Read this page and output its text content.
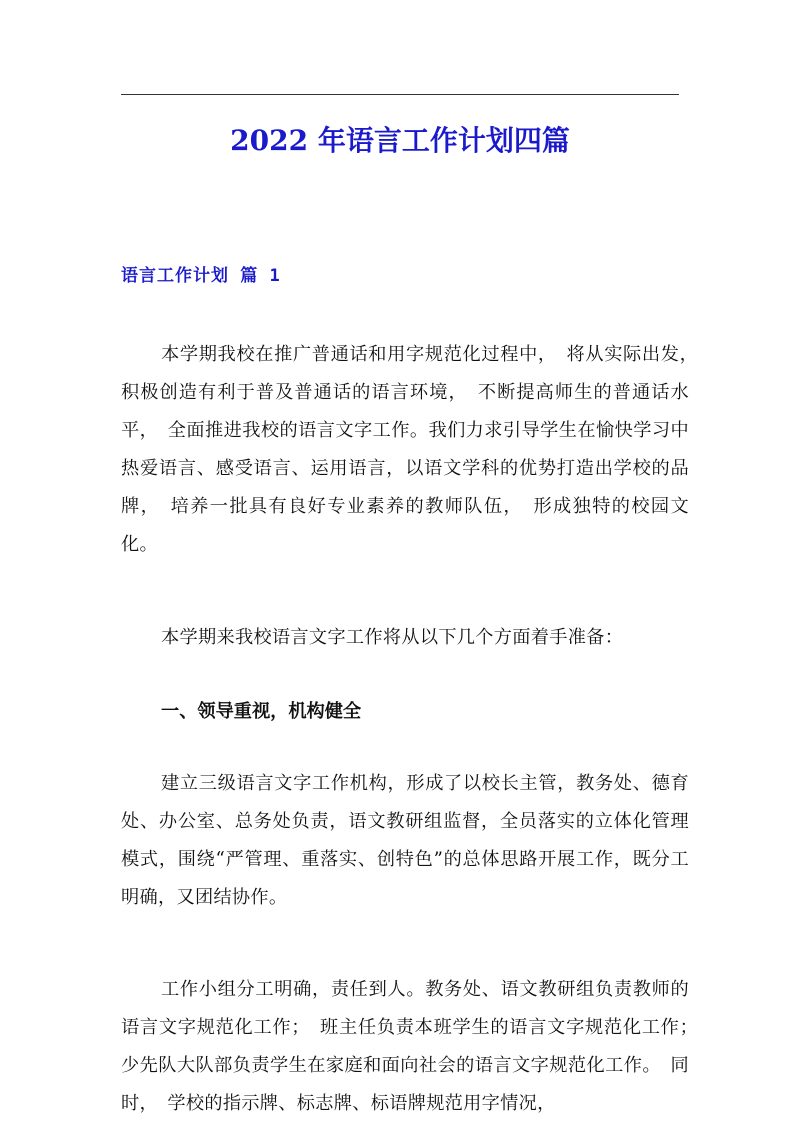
2022 年语言工作计划四篇
语言工作计划 篇 1

本学期我校在推广普通话和用字规范化过程中，　将从实际出发，　积极创造有利于普及普通话的语言环境，　不断提高师生的普通话水平，　全面推进我校的语言文字工作。我们力求引导学生在愉快学习中热爱语言、感受语言、运用语言，以语文学科的优势打造出学校的品牌，　培养一批具有良好专业素养的教师队伍，　形成独特的校园文化。

本学期来我校语言文字工作将从以下几个方面着手准备：

一、领导重视，机构健全

建立三级语言文字工作机构，形成了以校长主管，教务处、德育处、办公室、总务处负责，语文教研组监督，全员落实的立体化管理模式，围绕“严管理、重落实、创特色”的总体思路开展工作，既分工明确，又团结协作。

工作小组分工明确，责任到人。教务处、语文教研组负责教师的语言文字规范化工作；　班主任负责本班学生的语言文字规范化工作；　少先队大队部负责学生在家庭和面向社会的语言文字规范化工作。　同时，　学校的指示牌、标志牌、标语牌规范用字情况，
